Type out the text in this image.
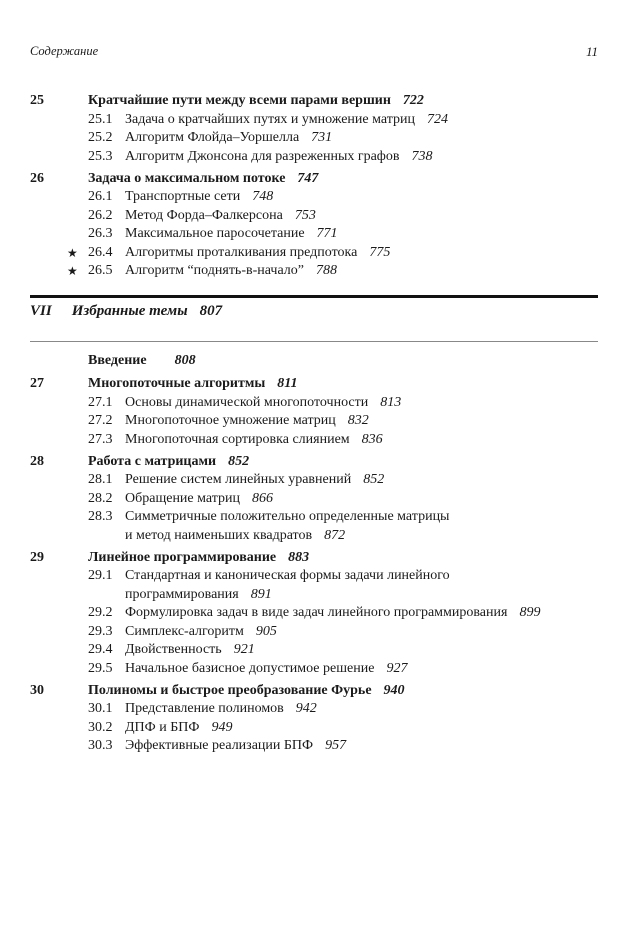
Содержание	11
25	Кратчайшие пути между всеми парами вершин 722
25.1 Задача о кратчайших путях и умножение матриц 724
25.2 Алгоритм Флойда–Уоршелла 731
25.3 Алгоритм Джонсона для разреженных графов 738
26	Задача о максимальном потоке 747
26.1 Транспортные сети 748
26.2 Метод Форда–Фалкерсона 753
26.3 Максимальное паросочетание 771
★ 26.4 Алгоритмы проталкивания предпотока 775
★ 26.5 Алгоритм “поднять-в-начало” 788
VII Избранные темы 807
Введение 808
27	Многопоточные алгоритмы 811
27.1 Основы динамической многопоточности 813
27.2 Многопоточное умножение матриц 832
27.3 Многопоточная сортировка слиянием 836
28	Работа с матрицами 852
28.1 Решение систем линейных уравнений 852
28.2 Обращение матриц 866
28.3 Симметричные положительно определенные матрицы
и метод наименьших квадратов 872
29	Линейное программирование 883
29.1 Стандартная и каноническая формы задачи линейного
программирования 891
29.2 Формулировка задач в виде задач линейного программирования 899
29.3 Симплекс-алгоритм 905
29.4 Двойственность 921
29.5 Начальное базисное допустимое решение 927
30	Полиномы и быстрое преобразование Фурье 940
30.1 Представление полиномов 942
30.2 ДПФ и БПФ 949
30.3 Эффективные реализации БПФ 957
